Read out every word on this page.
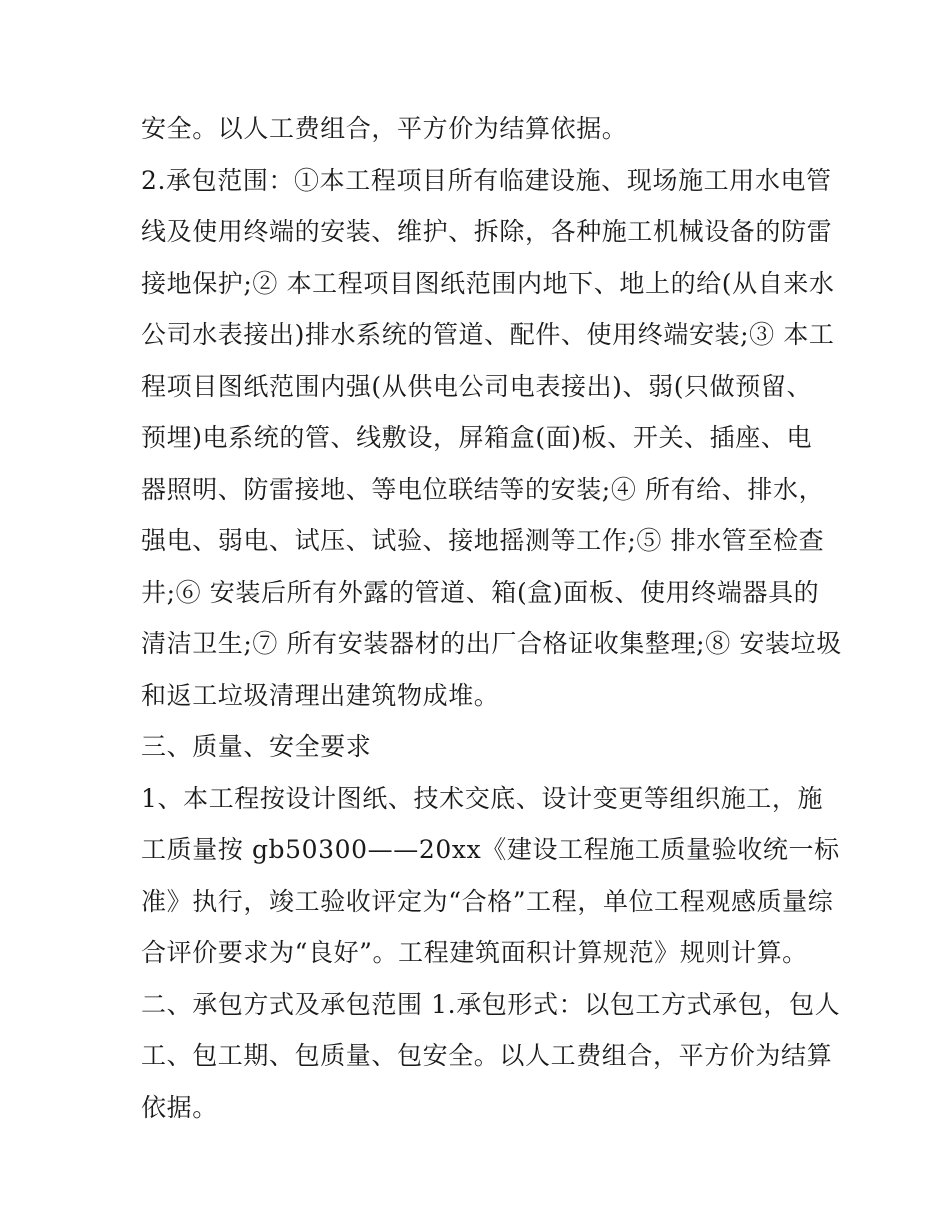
安全。以人工费组合，平方价为结算依据。
2.承包范围：①本工程项目所有临建设施、现场施工用水电管
线及使用终端的安装、维护、拆除，各种施工机械设备的防雷
接地保护;② 本工程项目图纸范围内地下、地上的给(从自来水
公司水表接出)排水系统的管道、配件、使用终端安装;③ 本工
程项目图纸范围内强(从供电公司电表接出)、弱(只做预留、
预埋)电系统的管、线敷设，屏箱盒(面)板、开关、插座、电
器照明、防雷接地、等电位联结等的安装;④ 所有给、排水，
强电、弱电、试压、试验、接地摇测等工作;⑤ 排水管至检查
井;⑥ 安装后所有外露的管道、箱(盒)面板、使用终端器具的
清洁卫生;⑦ 所有安装器材的出厂合格证收集整理;⑧ 安装垃圾
和返工垃圾清理出建筑物成堆。
三、质量、安全要求
1、本工程按设计图纸、技术交底、设计变更等组织施工，施
工质量按 gb50300——20xx《建设工程施工质量验收统一标
准》执行，竣工验收评定为“合格”工程，单位工程观感质量综
合评价要求为“良好”。工程建筑面积计算规范》规则计算。
二、承包方式及承包范围 1.承包形式：以包工方式承包，包人
工、包工期、包质量、包安全。以人工费组合，平方价为结算
依据。
